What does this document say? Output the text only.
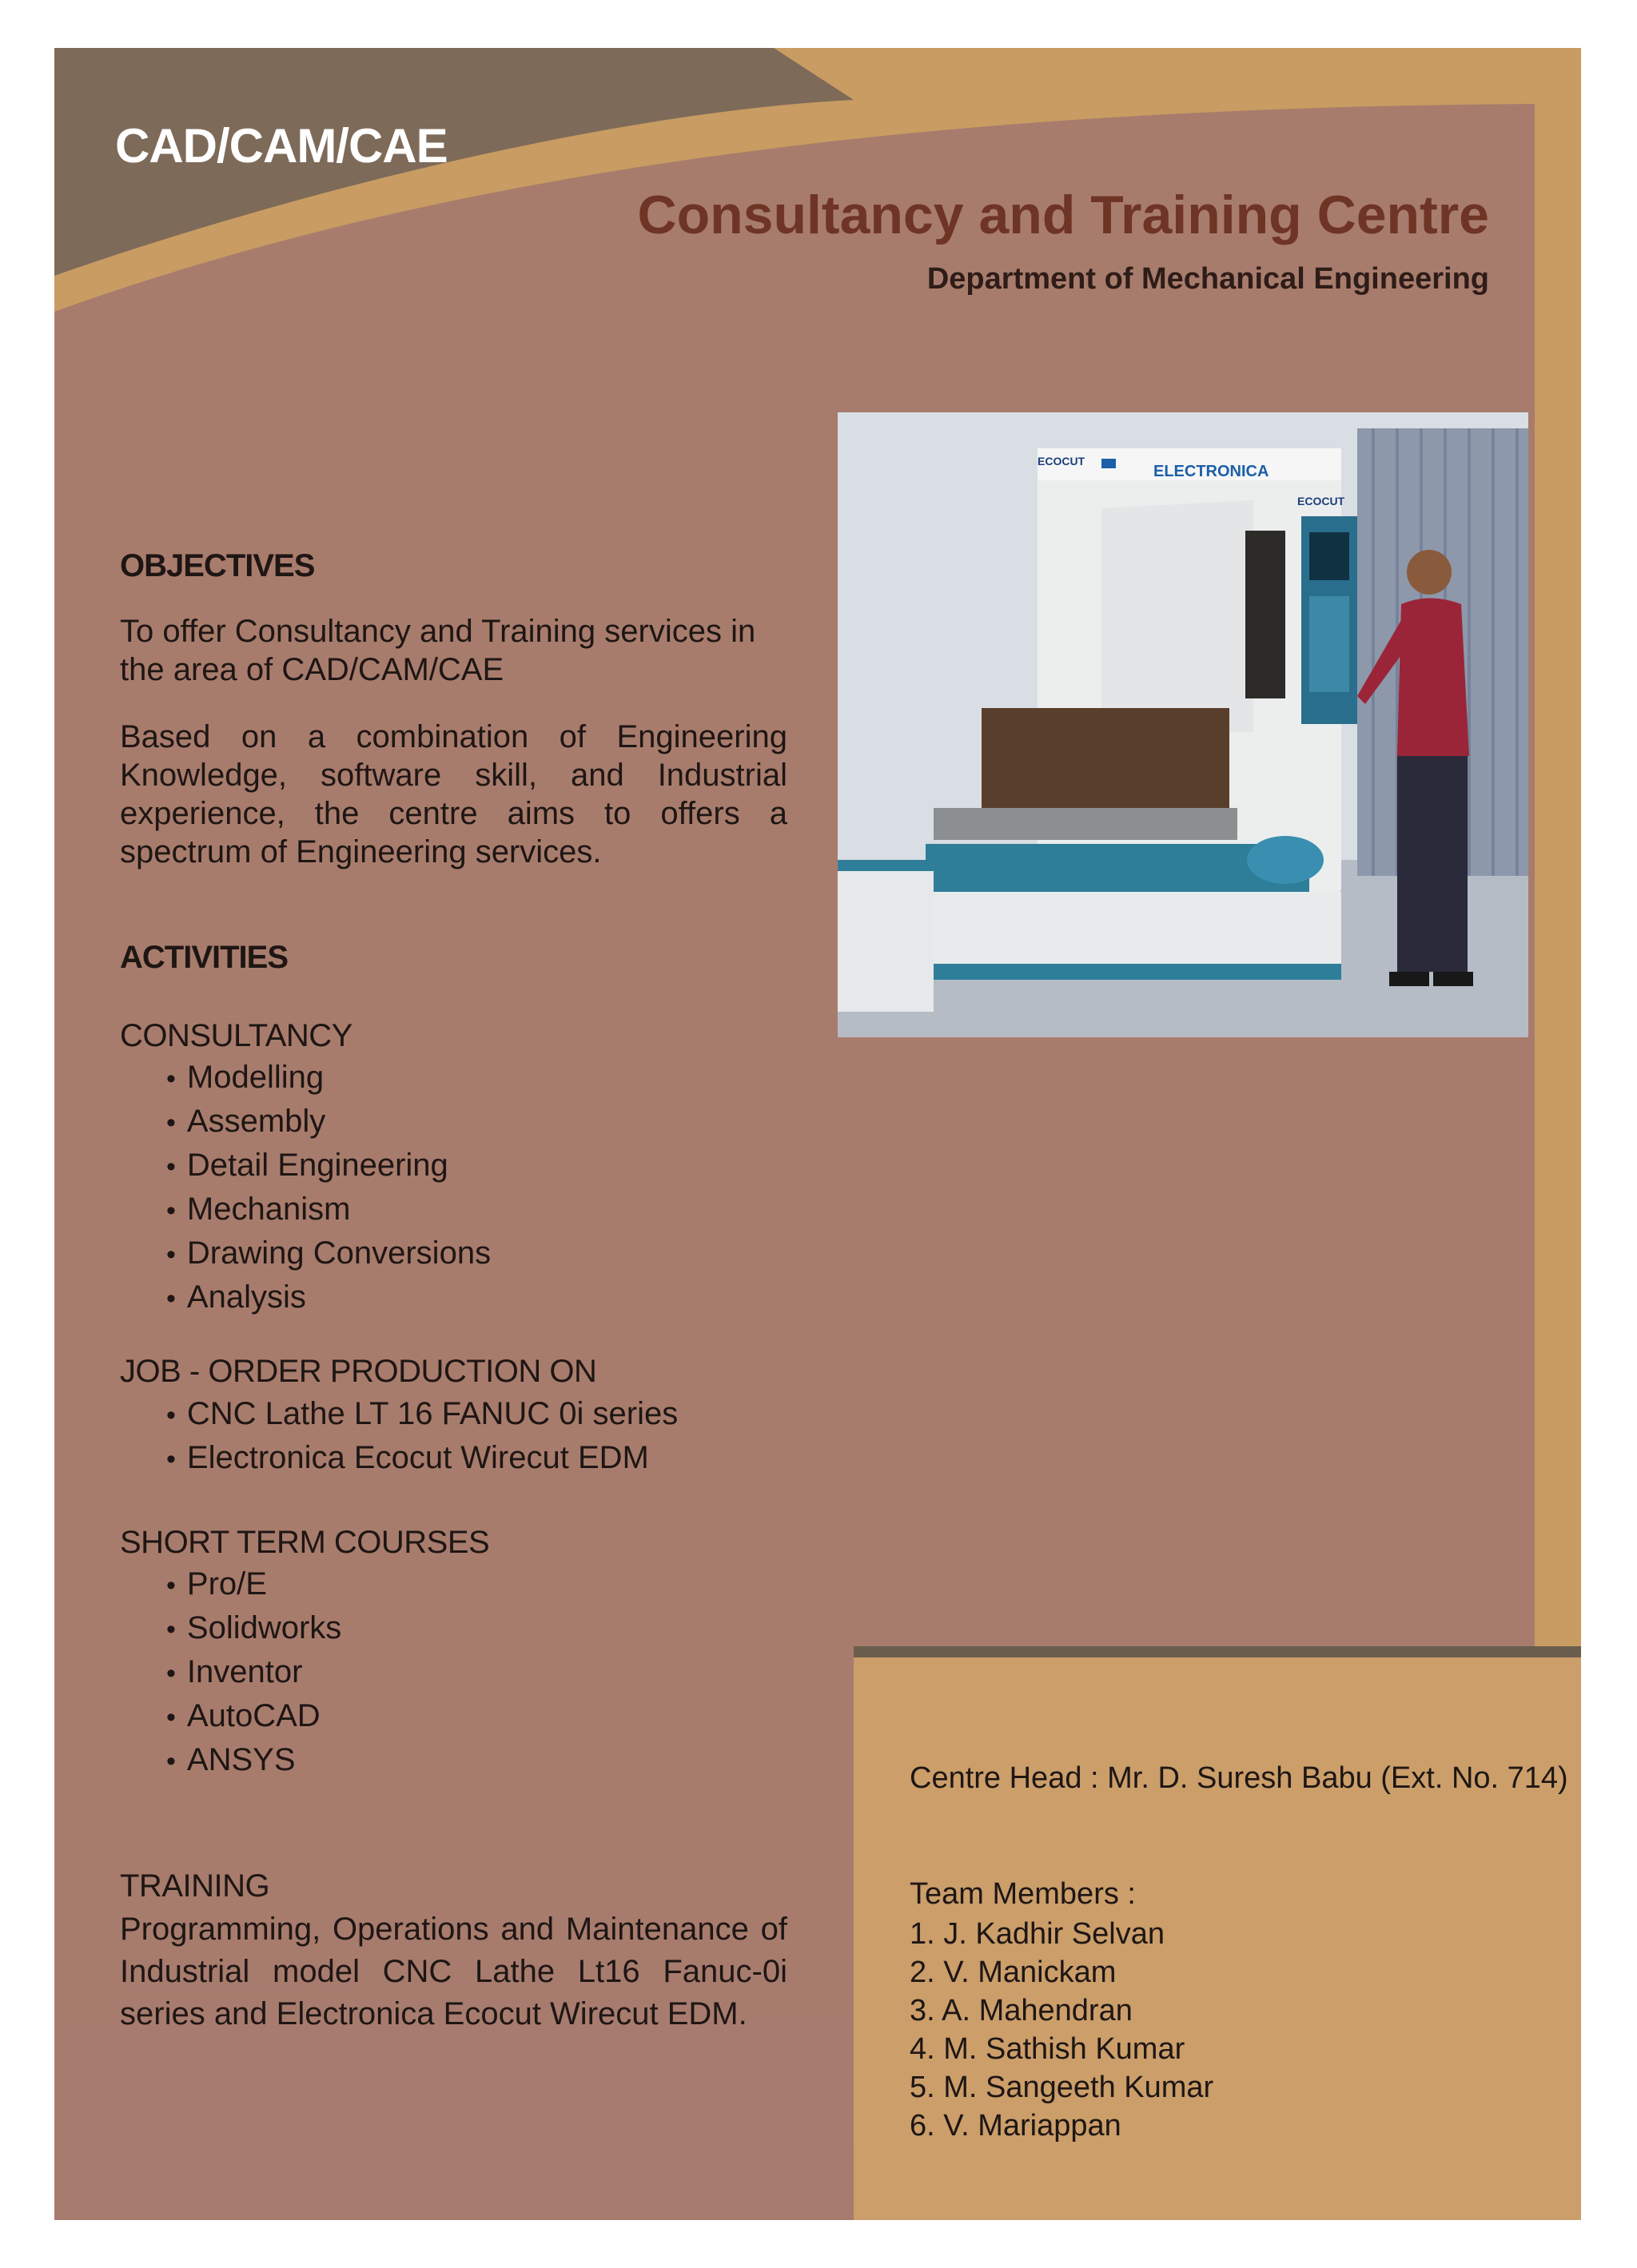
CAD/CAM/CAE
Consultancy and Training Centre
Department of Mechanical Engineering
ELECTRONICA
ECOCUT
ECOCUT
OBJECTIVES
To offer Consultancy and Training services in the area of CAD/CAM/CAE
Based on a combination of Engineering Knowledge, software skill, and Industrial experience, the centre aims to offers a spectrum of Engineering services.
ACTIVITIES
CONSULTANCY
• Modelling
• Assembly
• Detail Engineering
• Mechanism
• Drawing Conversions
• Analysis
JOB - ORDER PRODUCTION ON
• CNC Lathe LT 16 FANUC 0i series
• Electronica Ecocut Wirecut EDM
SHORT TERM COURSES
• Pro/E
• Solidworks
• Inventor
• AutoCAD
• ANSYS
TRAINING
Programming, Operations and Maintenance of Industrial model CNC Lathe Lt16 Fanuc-0i series and Electronica Ecocut Wirecut EDM.
Centre Head : Mr. D. Suresh Babu (Ext. No. 714)
Team Members :
1. J. Kadhir Selvan
2. V. Manickam
3. A. Mahendran
4. M. Sathish Kumar
5. M. Sangeeth Kumar
6. V. Mariappan
